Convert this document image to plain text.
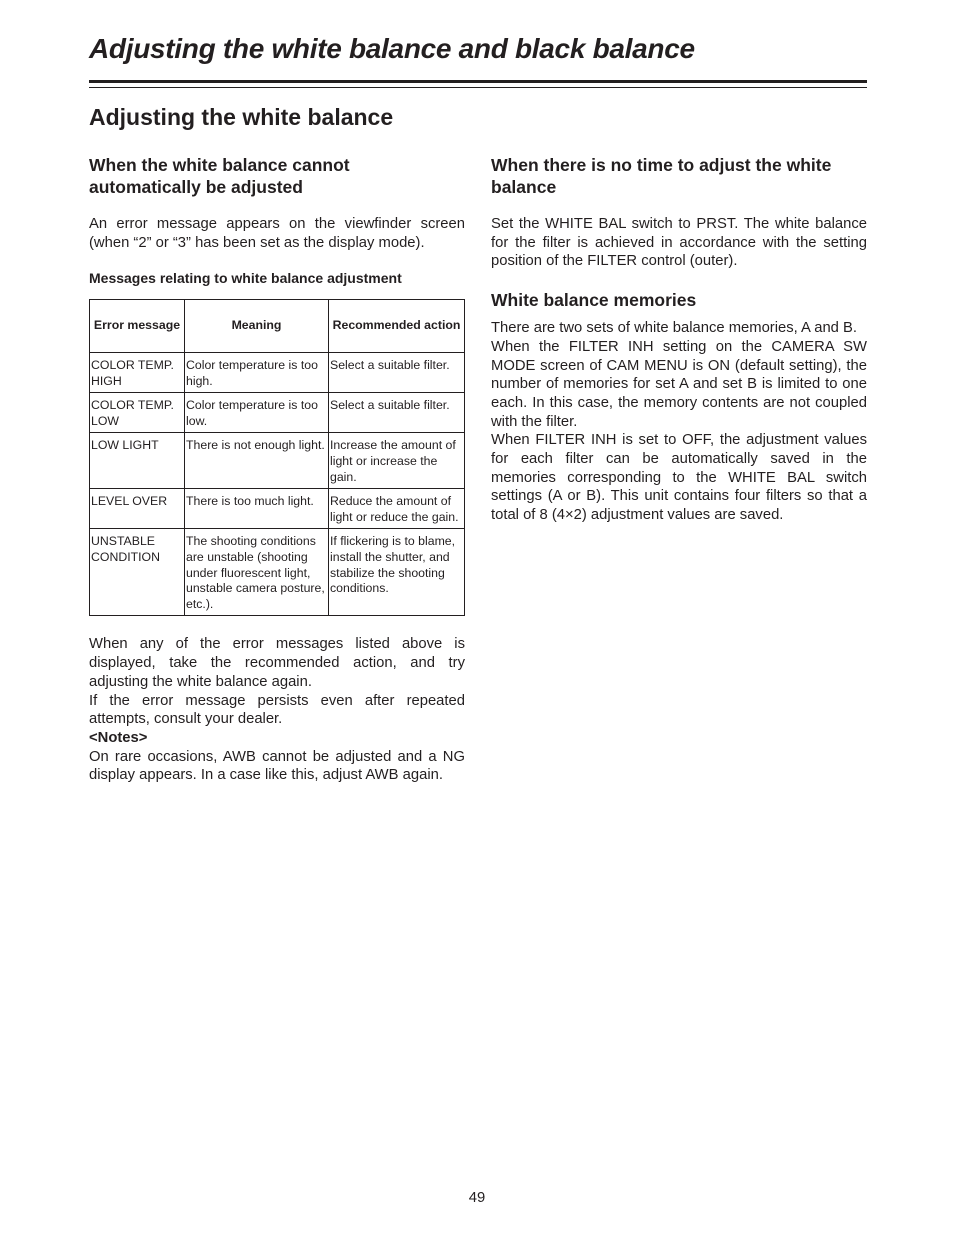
Adjusting the white balance and black balance
Adjusting the white balance
When the white balance cannot automatically be adjusted

An error message appears on the viewfinder screen (when “2” or “3” has been set as the display mode).

Messages relating to white balance adjustment

Error message	Meaning	Recommended action
COLOR TEMP. HIGH	Color temperature is too high.	Select a suitable filter.
COLOR TEMP. LOW	Color temperature is too low.	Select a suitable filter.
LOW LIGHT	There is not enough light.	Increase the amount of light or increase the gain.
LEVEL OVER	There is too much light.	Reduce the amount of light or reduce the gain.
UNSTABLE CONDITION	The shooting conditions are unstable (shooting under fluorescent light, unstable camera posture, etc.).	If flickering is to blame, install the shutter, and stabilize the shooting conditions.

When any of the error messages listed above is displayed, take the recommended action, and try adjusting the white balance again.

If the error message persists even after repeated attempts, consult your dealer.

<Notes>

On rare occasions, AWB cannot be adjusted and a NG display appears. In a case like this, adjust AWB again.

When there is no time to adjust the white balance

Set the WHITE BAL switch to PRST. The white balance for the filter is achieved in accordance with the setting position of the FILTER control (outer).

White balance memories

There are two sets of white balance memories, A and B.

When the FILTER INH setting on the CAMERA SW MODE screen of CAM MENU is ON (default setting), the number of memories for set A and set B is limited to one each. In this case, the memory contents are not coupled with the filter.

When FILTER INH is set to OFF, the adjustment values for each filter can be automatically saved in the memories corresponding to the WHITE BAL switch settings (A or B). This unit contains four filters so that a total of 8 (4×2) adjustment values are saved.

49
